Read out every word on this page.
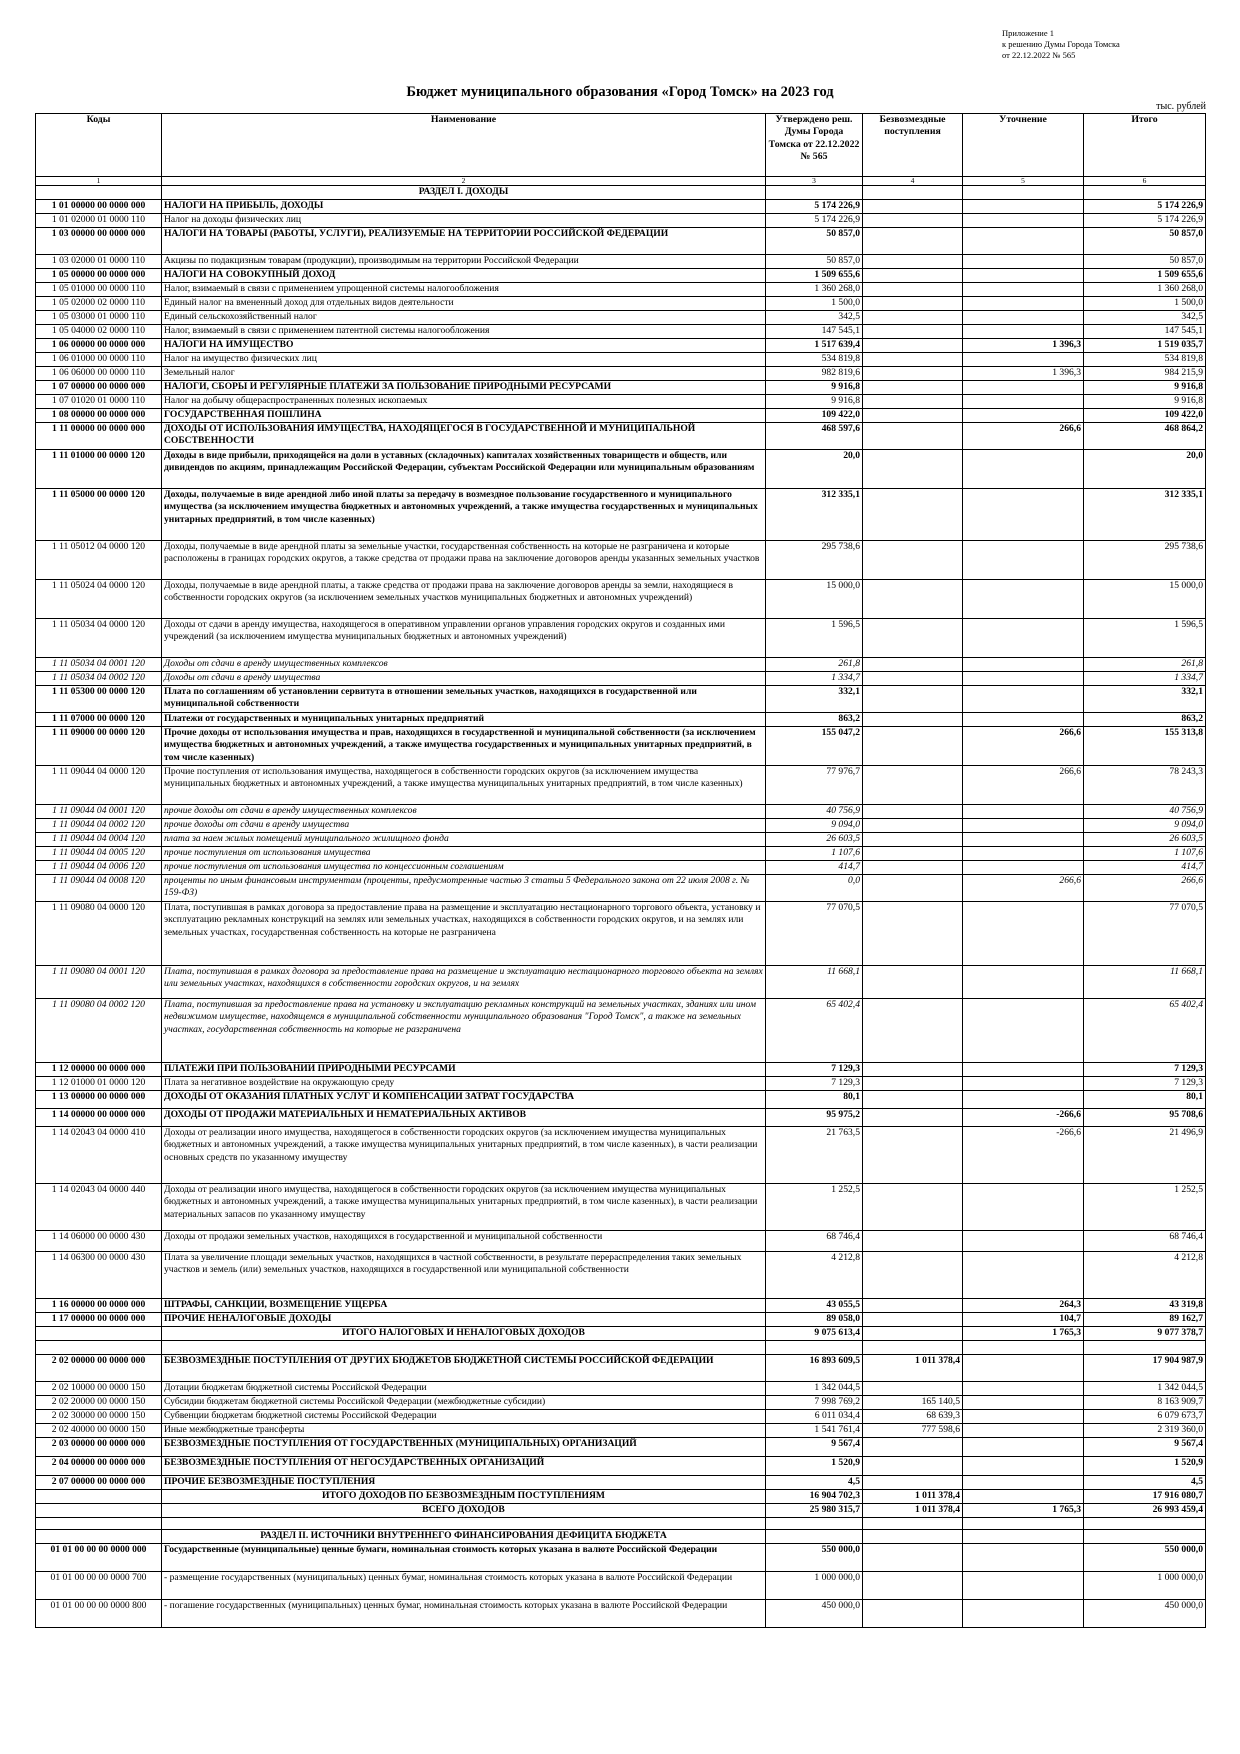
Приложение 1
к решению Думы Города Томска
от 22.12.2022 № 565
Бюджет муниципального образования «Город Томск» на 2023 год
тыс. рублей
Коды	Наименование	Утверждено реш. Думы Города Томска от 22.12.2022 № 565	Безвозмездные поступления	Уточнение	Итого
1	2	3	4	5	6
	РАЗДЕЛ I. ДОХОДЫ				
1 01 00000 00 0000 000	НАЛОГИ НА ПРИБЫЛЬ, ДОХОДЫ	5 174 226,9			5 174 226,9
1 01 02000 01 0000 110	Налог на доходы физических лиц	5 174 226,9			5 174 226,9
1 03 00000 00 0000 000	НАЛОГИ НА ТОВАРЫ (РАБОТЫ, УСЛУГИ), РЕАЛИЗУЕМЫЕ НА ТЕРРИТОРИИ РОССИЙСКОЙ ФЕДЕРАЦИИ	50 857,0			50 857,0
1 03 02000 01 0000 110	Акцизы по подакцизным товарам (продукции), производимым на территории Российской Федерации	50 857,0			50 857,0
1 05 00000 00 0000 000	НАЛОГИ НА СОВОКУПНЫЙ ДОХОД	1 509 655,6			1 509 655,6
1 05 01000 00 0000 110	Налог, взимаемый в связи с применением упрощенной системы налогообложения	1 360 268,0			1 360 268,0
1 05 02000 02 0000 110	Единый налог на вмененный доход для отдельных видов деятельности	1 500,0			1 500,0
1 05 03000 01 0000 110	Единый сельскохозяйственный налог	342,5			342,5
1 05 04000 02 0000 110	Налог, взимаемый в связи с применением патентной системы налогообложения	147 545,1			147 545,1
1 06 00000 00 0000 000	НАЛОГИ НА ИМУЩЕСТВО	1 517 639,4		1 396,3	1 519 035,7
1 06 01000 00 0000 110	Налог на имущество физических лиц	534 819,8			534 819,8
1 06 06000 00 0000 110	Земельный налог	982 819,6		1 396,3	984 215,9
1 07 00000 00 0000 000	НАЛОГИ, СБОРЫ И РЕГУЛЯРНЫЕ ПЛАТЕЖИ ЗА ПОЛЬЗОВАНИЕ ПРИРОДНЫМИ РЕСУРСАМИ	9 916,8			9 916,8
1 07 01020 01 0000 110	Налог на добычу общераспространенных полезных ископаемых	9 916,8			9 916,8
1 08 00000 00 0000 000	ГОСУДАРСТВЕННАЯ ПОШЛИНА	109 422,0			109 422,0
1 11 00000 00 0000 000	ДОХОДЫ ОТ ИСПОЛЬЗОВАНИЯ ИМУЩЕСТВА, НАХОДЯЩЕГОСЯ В ГОСУДАРСТВЕННОЙ И МУНИЦИПАЛЬНОЙ СОБСТВЕННОСТИ	468 597,6		266,6	468 864,2
1 11 01000 00 0000 120	Доходы в виде прибыли, приходящейся на доли в уставных (складочных) капиталах хозяйственных товариществ и обществ, или дивидендов по акциям, принадлежащим Российской Федерации, субъектам Российской Федерации или муниципальным образованиям	20,0			20,0
1 11 05000 00 0000 120	Доходы, получаемые в виде арендной либо иной платы за передачу в возмездное пользование государственного и муниципального имущества (за исключением имущества бюджетных и автономных учреждений, а также имущества государственных и муниципальных унитарных предприятий, в том числе казенных)	312 335,1			312 335,1
1 11 05012 04 0000 120	Доходы, получаемые в виде арендной платы за земельные участки, государственная собственность на которые не разграничена и которые расположены в границах городских округов, а также средства от продажи права на заключение договоров аренды указанных земельных участков	295 738,6			295 738,6
1 11 05024 04 0000 120	Доходы, получаемые в виде арендной платы, а также средства от продажи права на заключение договоров аренды за земли, находящиеся в собственности городских округов (за исключением земельных участков муниципальных бюджетных и автономных учреждений)	15 000,0			15 000,0
1 11 05034 04 0000 120	Доходы от сдачи в аренду имущества, находящегося в оперативном управлении органов управления городских округов и созданных ими учреждений (за исключением имущества муниципальных бюджетных и автономных учреждений)	1 596,5			1 596,5
1 11 05034 04 0001 120	Доходы от сдачи в аренду имущественных комплексов	261,8			261,8
1 11 05034 04 0002 120	Доходы от сдачи в аренду имущества	1 334,7			1 334,7
1 11 05300 00 0000 120	Плата по соглашениям об установлении сервитута в отношении земельных участков, находящихся в государственной или муниципальной собственности	332,1			332,1
1 11 07000 00 0000 120	Платежи от государственных и муниципальных унитарных предприятий	863,2			863,2
1 11 09000 00 0000 120	Прочие доходы от использования имущества и прав, находящихся в государственной и муниципальной собственности (за исключением имущества бюджетных и автономных учреждений, а также имущества государственных и муниципальных унитарных предприятий, в том числе казенных)	155 047,2		266,6	155 313,8
1 11 09044 04 0000 120	Прочие поступления от использования имущества, находящегося в собственности городских округов (за исключением имущества муниципальных бюджетных и автономных учреждений, а также имущества муниципальных унитарных предприятий, в том числе казенных)	77 976,7		266,6	78 243,3
1 11 09044 04 0001 120	прочие доходы от сдачи в аренду имущественных комплексов	40 756,9			40 756,9
1 11 09044 04 0002 120	прочие доходы от сдачи в аренду имущества	9 094,0			9 094,0
1 11 09044 04 0004 120	плата за наем жилых помещений муниципального жилищного фонда	26 603,5			26 603,5
1 11 09044 04 0005 120	прочие поступления от использования имущества	1 107,6			1 107,6
1 11 09044 04 0006 120	прочие поступления от использования имущества по концессионным соглашениям	414,7			414,7
1 11 09044 04 0008 120	проценты по иным финансовым инструментам (проценты, предусмотренные частью 3 статьи 5 Федерального закона от 22 июля 2008 г. № 159-ФЗ)	0,0		266,6	266,6
1 11 09080 04 0000 120	Плата, поступившая в рамках договора за предоставление права на размещение и эксплуатацию нестационарного торгового объекта, установку и эксплуатацию рекламных конструкций на землях или земельных участках, находящихся в собственности городских округов, и на землях или земельных участках, государственная собственность на которые не разграничена	77 070,5			77 070,5
1 11 09080 04 0001 120	Плата, поступившая в рамках договора за предоставление права на размещение и эксплуатацию нестационарного торгового объекта на землях или земельных участках, находящихся в собственности городских округов, и на землях	11 668,1			11 668,1
1 11 09080 04 0002 120	Плата, поступившая за предоставление права на установку и эксплуатацию рекламных конструкций на земельных участках, зданиях или ином недвижимом имуществе, находящемся в муниципальной собственности муниципального образования "Город Томск", а также на земельных участках, государственная собственность на которые не разграничена	65 402,4			65 402,4
1 12 00000 00 0000 000	ПЛАТЕЖИ ПРИ ПОЛЬЗОВАНИИ ПРИРОДНЫМИ РЕСУРСАМИ	7 129,3			7 129,3
1 12 01000 01 0000 120	Плата за негативное воздействие на окружающую среду	7 129,3			7 129,3
1 13 00000 00 0000 000	ДОХОДЫ ОТ ОКАЗАНИЯ ПЛАТНЫХ УСЛУГ И КОМПЕНСАЦИИ ЗАТРАТ ГОСУДАРСТВА	80,1			80,1
1 14 00000 00 0000 000	ДОХОДЫ ОТ ПРОДАЖИ МАТЕРИАЛЬНЫХ И НЕМАТЕРИАЛЬНЫХ АКТИВОВ	95 975,2		-266,6	95 708,6
1 14 02043 04 0000 410	Доходы от реализации иного имущества, находящегося в собственности городских округов (за исключением имущества муниципальных бюджетных и автономных учреждений, а также имущества муниципальных унитарных предприятий, в том числе казенных), в части реализации основных средств по указанному имуществу	21 763,5		-266,6	21 496,9
1 14 02043 04 0000 440	Доходы от реализации иного имущества, находящегося в собственности городских округов (за исключением имущества муниципальных бюджетных и автономных учреждений, а также имущества муниципальных унитарных предприятий, в том числе казенных), в части реализации материальных запасов по указанному имуществу	1 252,5			1 252,5
1 14 06000 00 0000 430	Доходы от продажи земельных участков, находящихся в государственной и муниципальной собственности	68 746,4			68 746,4
1 14 06300 00 0000 430	Плата за увеличение площади земельных участков, находящихся в частной собственности, в результате перераспределения таких земельных участков и земель (или) земельных участков, находящихся в государственной или муниципальной собственности	4 212,8			4 212,8
1 16 00000 00 0000 000	ШТРАФЫ, САНКЦИИ, ВОЗМЕЩЕНИЕ УЩЕРБА	43 055,5		264,3	43 319,8
1 17 00000 00 0000 000	ПРОЧИЕ НЕНАЛОГОВЫЕ ДОХОДЫ	89 058,0		104,7	89 162,7
	ИТОГО НАЛОГОВЫХ И НЕНАЛОГОВЫХ ДОХОДОВ	9 075 613,4		1 765,3	9 077 378,7

2 02 00000 00 0000 000	БЕЗВОЗМЕЗДНЫЕ ПОСТУПЛЕНИЯ ОТ ДРУГИХ БЮДЖЕТОВ БЮДЖЕТНОЙ СИСТЕМЫ РОССИЙСКОЙ ФЕДЕРАЦИИ	16 893 609,5	1 011 378,4		17 904 987,9
2 02 10000 00 0000 150	Дотации бюджетам бюджетной системы Российской Федерации	1 342 044,5			1 342 044,5
2 02 20000 00 0000 150	Субсидии бюджетам бюджетной системы Российской Федерации (межбюджетные субсидии)	7 998 769,2	165 140,5		8 163 909,7
2 02 30000 00 0000 150	Субвенции бюджетам бюджетной системы Российской Федерации	6 011 034,4	68 639,3		6 079 673,7
2 02 40000 00 0000 150	Иные межбюджетные трансферты	1 541 761,4	777 598,6		2 319 360,0
2 03 00000 00 0000 000	БЕЗВОЗМЕЗДНЫЕ ПОСТУПЛЕНИЯ ОТ ГОСУДАРСТВЕННЫХ (МУНИЦИПАЛЬНЫХ) ОРГАНИЗАЦИЙ	9 567,4			9 567,4
2 04 00000 00 0000 000	БЕЗВОЗМЕЗДНЫЕ ПОСТУПЛЕНИЯ ОТ НЕГОСУДАРСТВЕННЫХ ОРГАНИЗАЦИЙ	1 520,9			1 520,9
2 07 00000 00 0000 000	ПРОЧИЕ БЕЗВОЗМЕЗДНЫЕ ПОСТУПЛЕНИЯ	4,5			4,5
	ИТОГО ДОХОДОВ ПО БЕЗВОЗМЕЗДНЫМ ПОСТУПЛЕНИЯМ	16 904 702,3	1 011 378,4		17 916 080,7
	ВСЕГО ДОХОДОВ	25 980 315,7	1 011 378,4	1 765,3	26 993 459,4

	РАЗДЕЛ II. ИСТОЧНИКИ ВНУТРЕННЕГО ФИНАНСИРОВАНИЯ ДЕФИЦИТА БЮДЖЕТА				
01 01 00 00 00 0000 000	Государственные (муниципальные) ценные бумаги, номинальная стоимость которых указана в валюте Российской Федерации	550 000,0			550 000,0
01 01 00 00 00 0000 700	- размещение государственных (муниципальных) ценных бумаг, номинальная стоимость которых указана в валюте Российской Федерации	1 000 000,0			1 000 000,0
01 01 00 00 00 0000 800	- погашение государственных (муниципальных) ценных бумаг, номинальная стоимость которых указана в валюте Российской Федерации	450 000,0			450 000,0
